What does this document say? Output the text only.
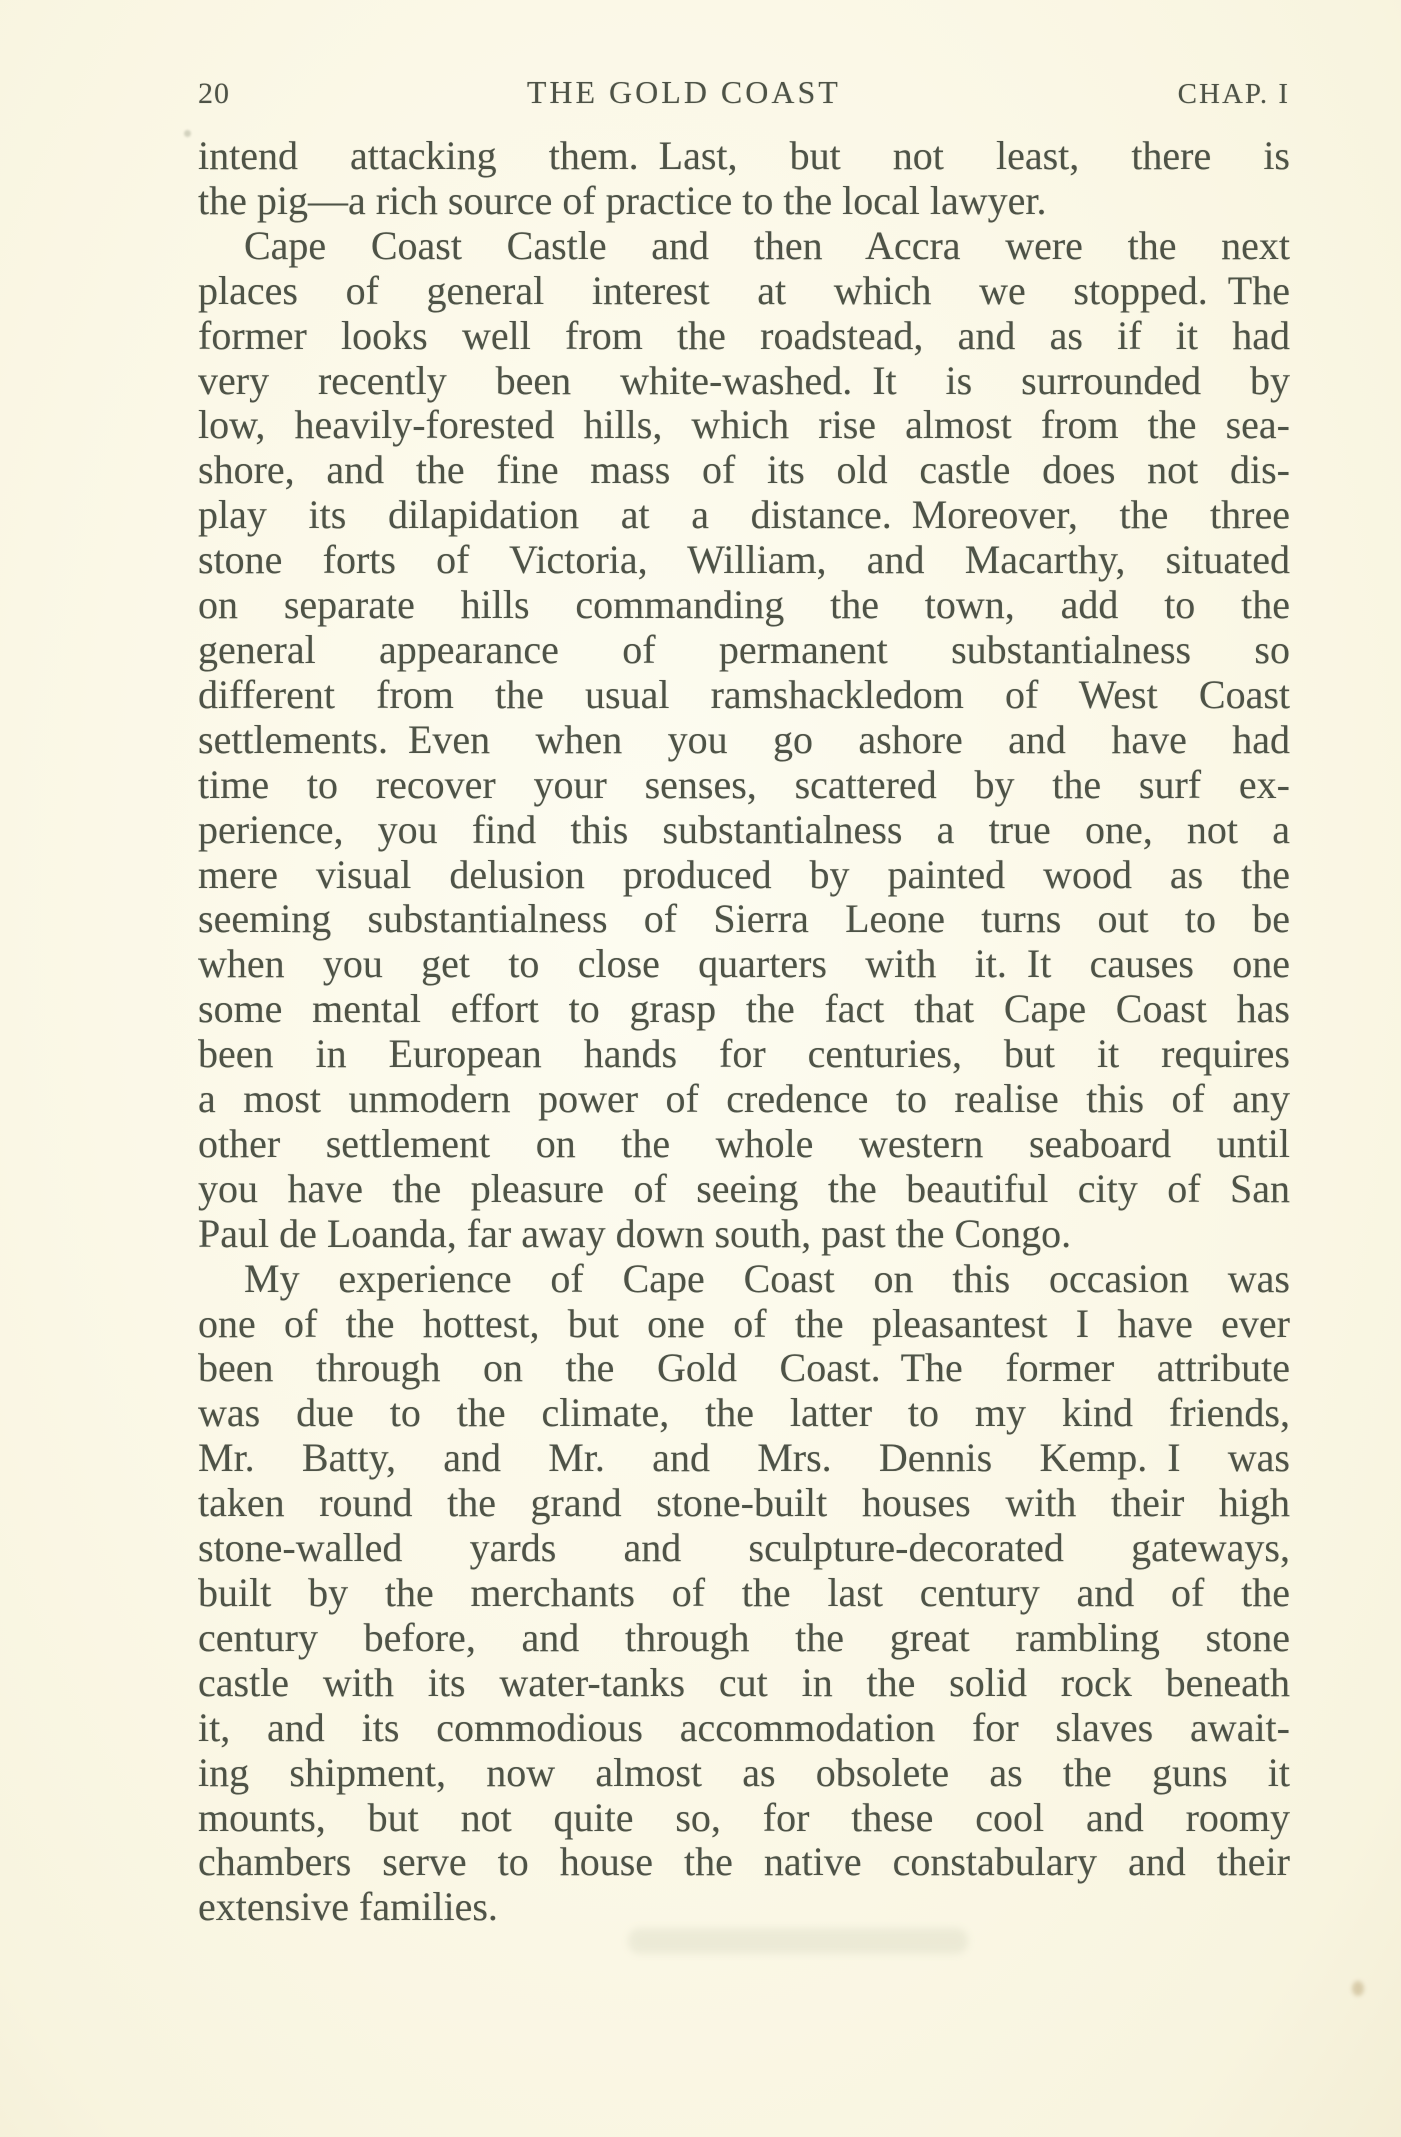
20	THE GOLD COAST	CHAP. I
intend attacking them. Last, but not least, there is
the pig—a rich source of practice to the local lawyer.
Cape Coast Castle and then Accra were the next
places of general interest at which we stopped. The
former looks well from the roadstead, and as if it had
very recently been white-washed. It is surrounded by
low, heavily-forested hills, which rise almost from the sea-
shore, and the fine mass of its old castle does not dis-
play its dilapidation at a distance. Moreover, the three
stone forts of Victoria, William, and Macarthy, situated
on separate hills commanding the town, add to the
general appearance of permanent substantialness so
different from the usual ramshackledom of West Coast
settlements. Even when you go ashore and have had
time to recover your senses, scattered by the surf ex-
perience, you find this substantialness a true one, not a
mere visual delusion produced by painted wood as the
seeming substantialness of Sierra Leone turns out to be
when you get to close quarters with it. It causes one
some mental effort to grasp the fact that Cape Coast has
been in European hands for centuries, but it requires
a most unmodern power of credence to realise this of any
other settlement on the whole western seaboard until
you have the pleasure of seeing the beautiful city of San
Paul de Loanda, far away down south, past the Congo.
My experience of Cape Coast on this occasion was
one of the hottest, but one of the pleasantest I have ever
been through on the Gold Coast. The former attribute
was due to the climate, the latter to my kind friends,
Mr. Batty, and Mr. and Mrs. Dennis Kemp. I was
taken round the grand stone-built houses with their high
stone-walled yards and sculpture-decorated gateways,
built by the merchants of the last century and of the
century before, and through the great rambling stone
castle with its water-tanks cut in the solid rock beneath
it, and its commodious accommodation for slaves await-
ing shipment, now almost as obsolete as the guns it
mounts, but not quite so, for these cool and roomy
chambers serve to house the native constabulary and their
extensive families.
